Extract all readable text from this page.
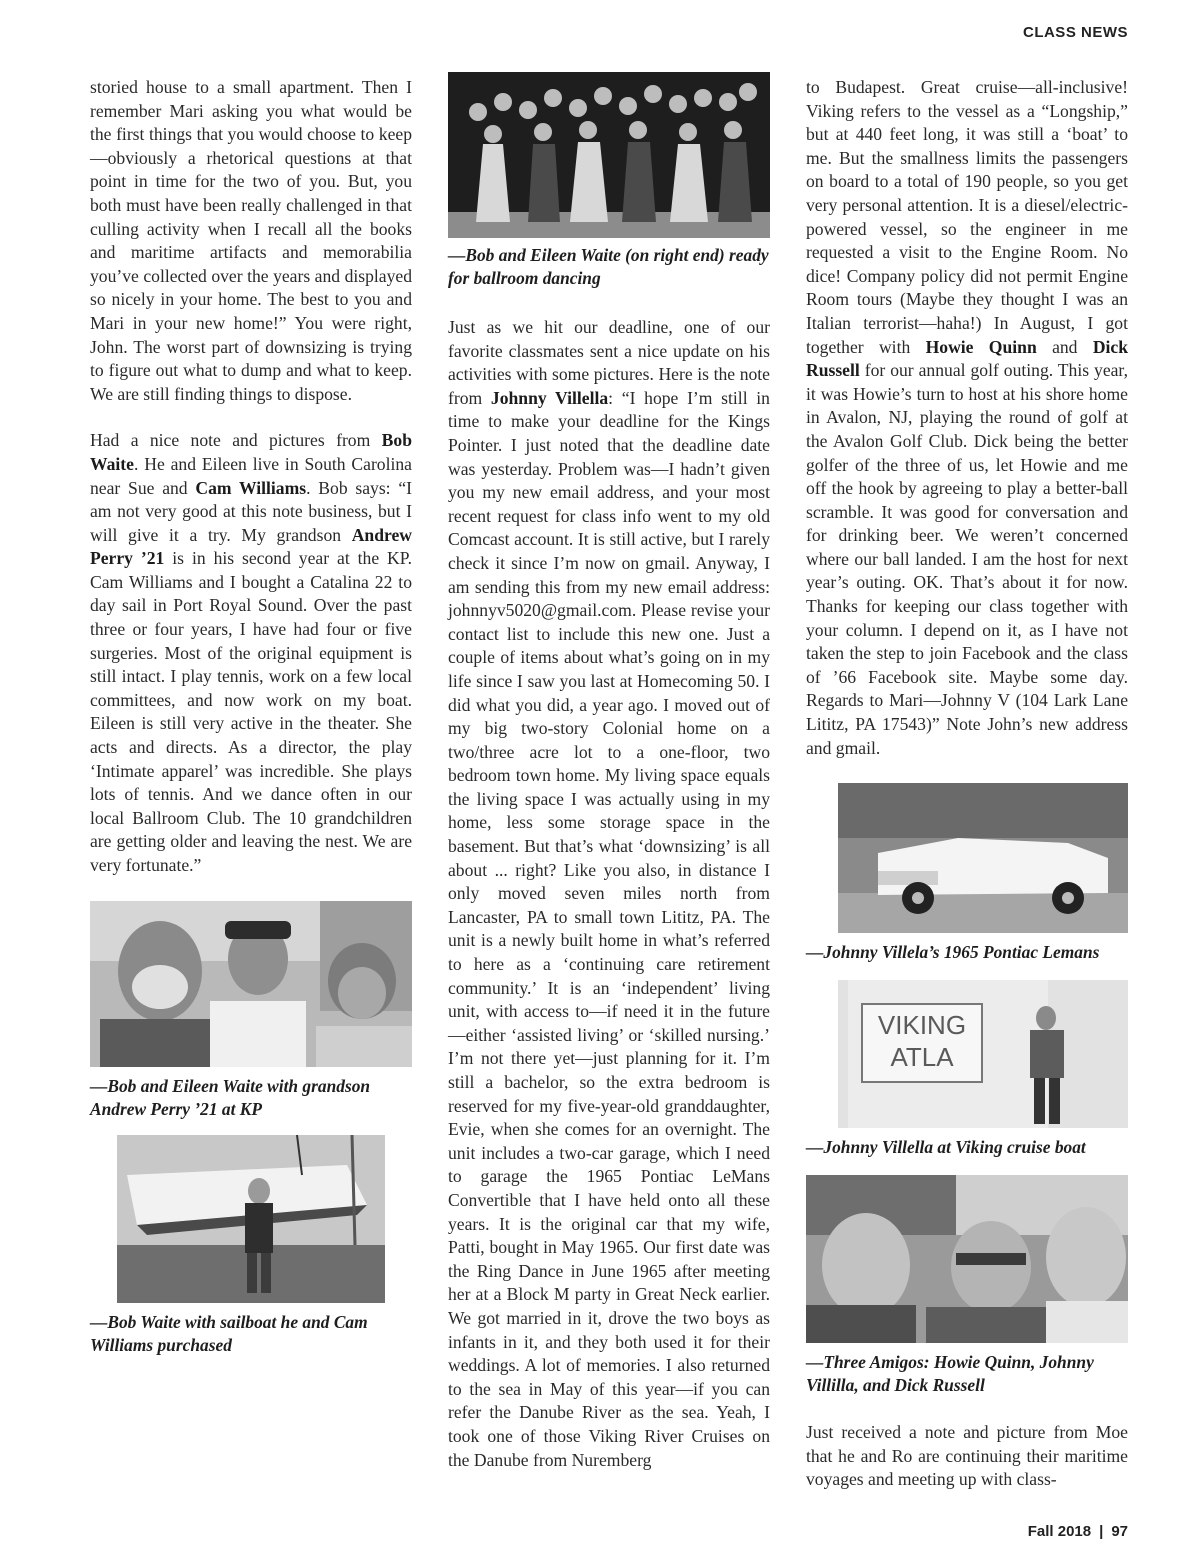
CLASS NEWS

storied house to a small apartment. Then I remember Mari asking you what would be the first things that you would choose to keep—obviously a rhetorical questions at that point in time for the two of you. But, you both must have been really challenged in that culling activity when I recall all the books and maritime artifacts and memorabilia you’ve collected over the years and displayed so nicely in your home. The best to you and Mari in your new home!” You were right, John. The worst part of downsizing is trying to figure out what to dump and what to keep. We are still finding things to dispose.

Had a nice note and pictures from Bob Waite. He and Eileen live in South Carolina near Sue and Cam Williams. Bob says: “I am not very good at this note business, but I will give it a try. My grandson Andrew Perry ’21 is in his second year at the KP. Cam Williams and I bought a Catalina 22 to day sail in Port Royal Sound. Over the past three or four years, I have had four or five surgeries. Most of the original equipment is still intact. I play tennis, work on a few local committees, and now work on my boat. Eileen is still very active in the theater. She acts and directs. As a director, the play ‘Intimate apparel’ was incredible. She plays lots of tennis. And we dance often in our local Ballroom Club. The 10 grandchildren are getting older and leaving the nest. We are very fortunate.”

—Bob and Eileen Waite with grandson Andrew Perry ’21 at KP
—Bob Waite with sailboat he and Cam Williams purchased
—Bob and Eileen Waite (on right end) ready for ballroom dancing

Just as we hit our deadline, one of our favorite classmates sent a nice update on his activities with some pictures. Here is the note from Johnny Villella: “I hope I’m still in time to make your deadline for the Kings Pointer. I just noted that the deadline date was yesterday. Problem was—I hadn’t given you my new email address, and your most recent request for class info went to my old Comcast account. It is still active, but I rarely check it since I’m now on gmail. Anyway, I am sending this from my new email address: johnnyv5020@gmail.com. Please revise your contact list to include this new one. Just a couple of items about what’s going on in my life since I saw you last at Homecoming 50. I did what you did, a year ago. I moved out of my big two-story Colonial home on a two/three acre lot to a one-floor, two bedroom town home. My living space equals the living space I was actually using in my home, less some storage space in the basement. But that’s what ‘downsizing’ is all about ... right? Like you also, in distance I only moved seven miles north from Lancaster, PA to small town Lititz, PA. The unit is a newly built home in what’s referred to here as a ‘continuing care retirement community.’ It is an ‘independent’ living unit, with access to—if need it in the future—either ‘assisted living’ or ‘skilled nursing.’ I’m not there yet—just planning for it. I’m still a bachelor, so the extra bedroom is reserved for my five-year-old granddaughter, Evie, when she comes for an overnight. The unit includes a two-car garage, which I need to garage the 1965 Pontiac LeMans Convertible that I have held onto all these years. It is the original car that my wife, Patti, bought in May 1965. Our first date was the Ring Dance in June 1965 after meeting her at a Block M party in Great Neck earlier. We got married in it, drove the two boys as infants in it, and they both used it for their weddings. A lot of memories. I also returned to the sea in May of this year—if you can refer the Danube River as the sea. Yeah, I took one of those Viking River Cruises on the Danube from Nuremberg

to Budapest. Great cruise—all-inclusive! Viking refers to the vessel as a “Longship,” but at 440 feet long, it was still a ‘boat’ to me. But the smallness limits the passengers on board to a total of 190 people, so you get very personal attention. It is a diesel/electric-powered vessel, so the engineer in me requested a visit to the Engine Room. No dice! Company policy did not permit Engine Room tours (Maybe they thought I was an Italian terrorist—haha!) In August, I got together with Howie Quinn and Dick Russell for our annual golf outing. This year, it was Howie’s turn to host at his shore home in Avalon, NJ, playing the round of golf at the Avalon Golf Club. Dick being the better golfer of the three of us, let Howie and me off the hook by agreeing to play a better-ball scramble. It was good for conversation and for drinking beer. We weren’t concerned where our ball landed. I am the host for next year’s outing. OK. That’s about it for now. Thanks for keeping our class together with your column. I depend on it, as I have not taken the step to join Facebook and the class of ’66 Facebook site. Maybe some day. Regards to Mari—Johnny V (104 Lark Lane Lititz, PA 17543)” Note John’s new address and gmail.

—Johnny Villela’s 1965 Pontiac Lemans
VIKING
ATLA
—Johnny Villella at Viking cruise boat
—Three Amigos: Howie Quinn, Johnny Villilla, and Dick Russell

Just received a note and picture from Moe that he and Ro are continuing their maritime voyages and meeting up with class-

Fall 2018 | 97
